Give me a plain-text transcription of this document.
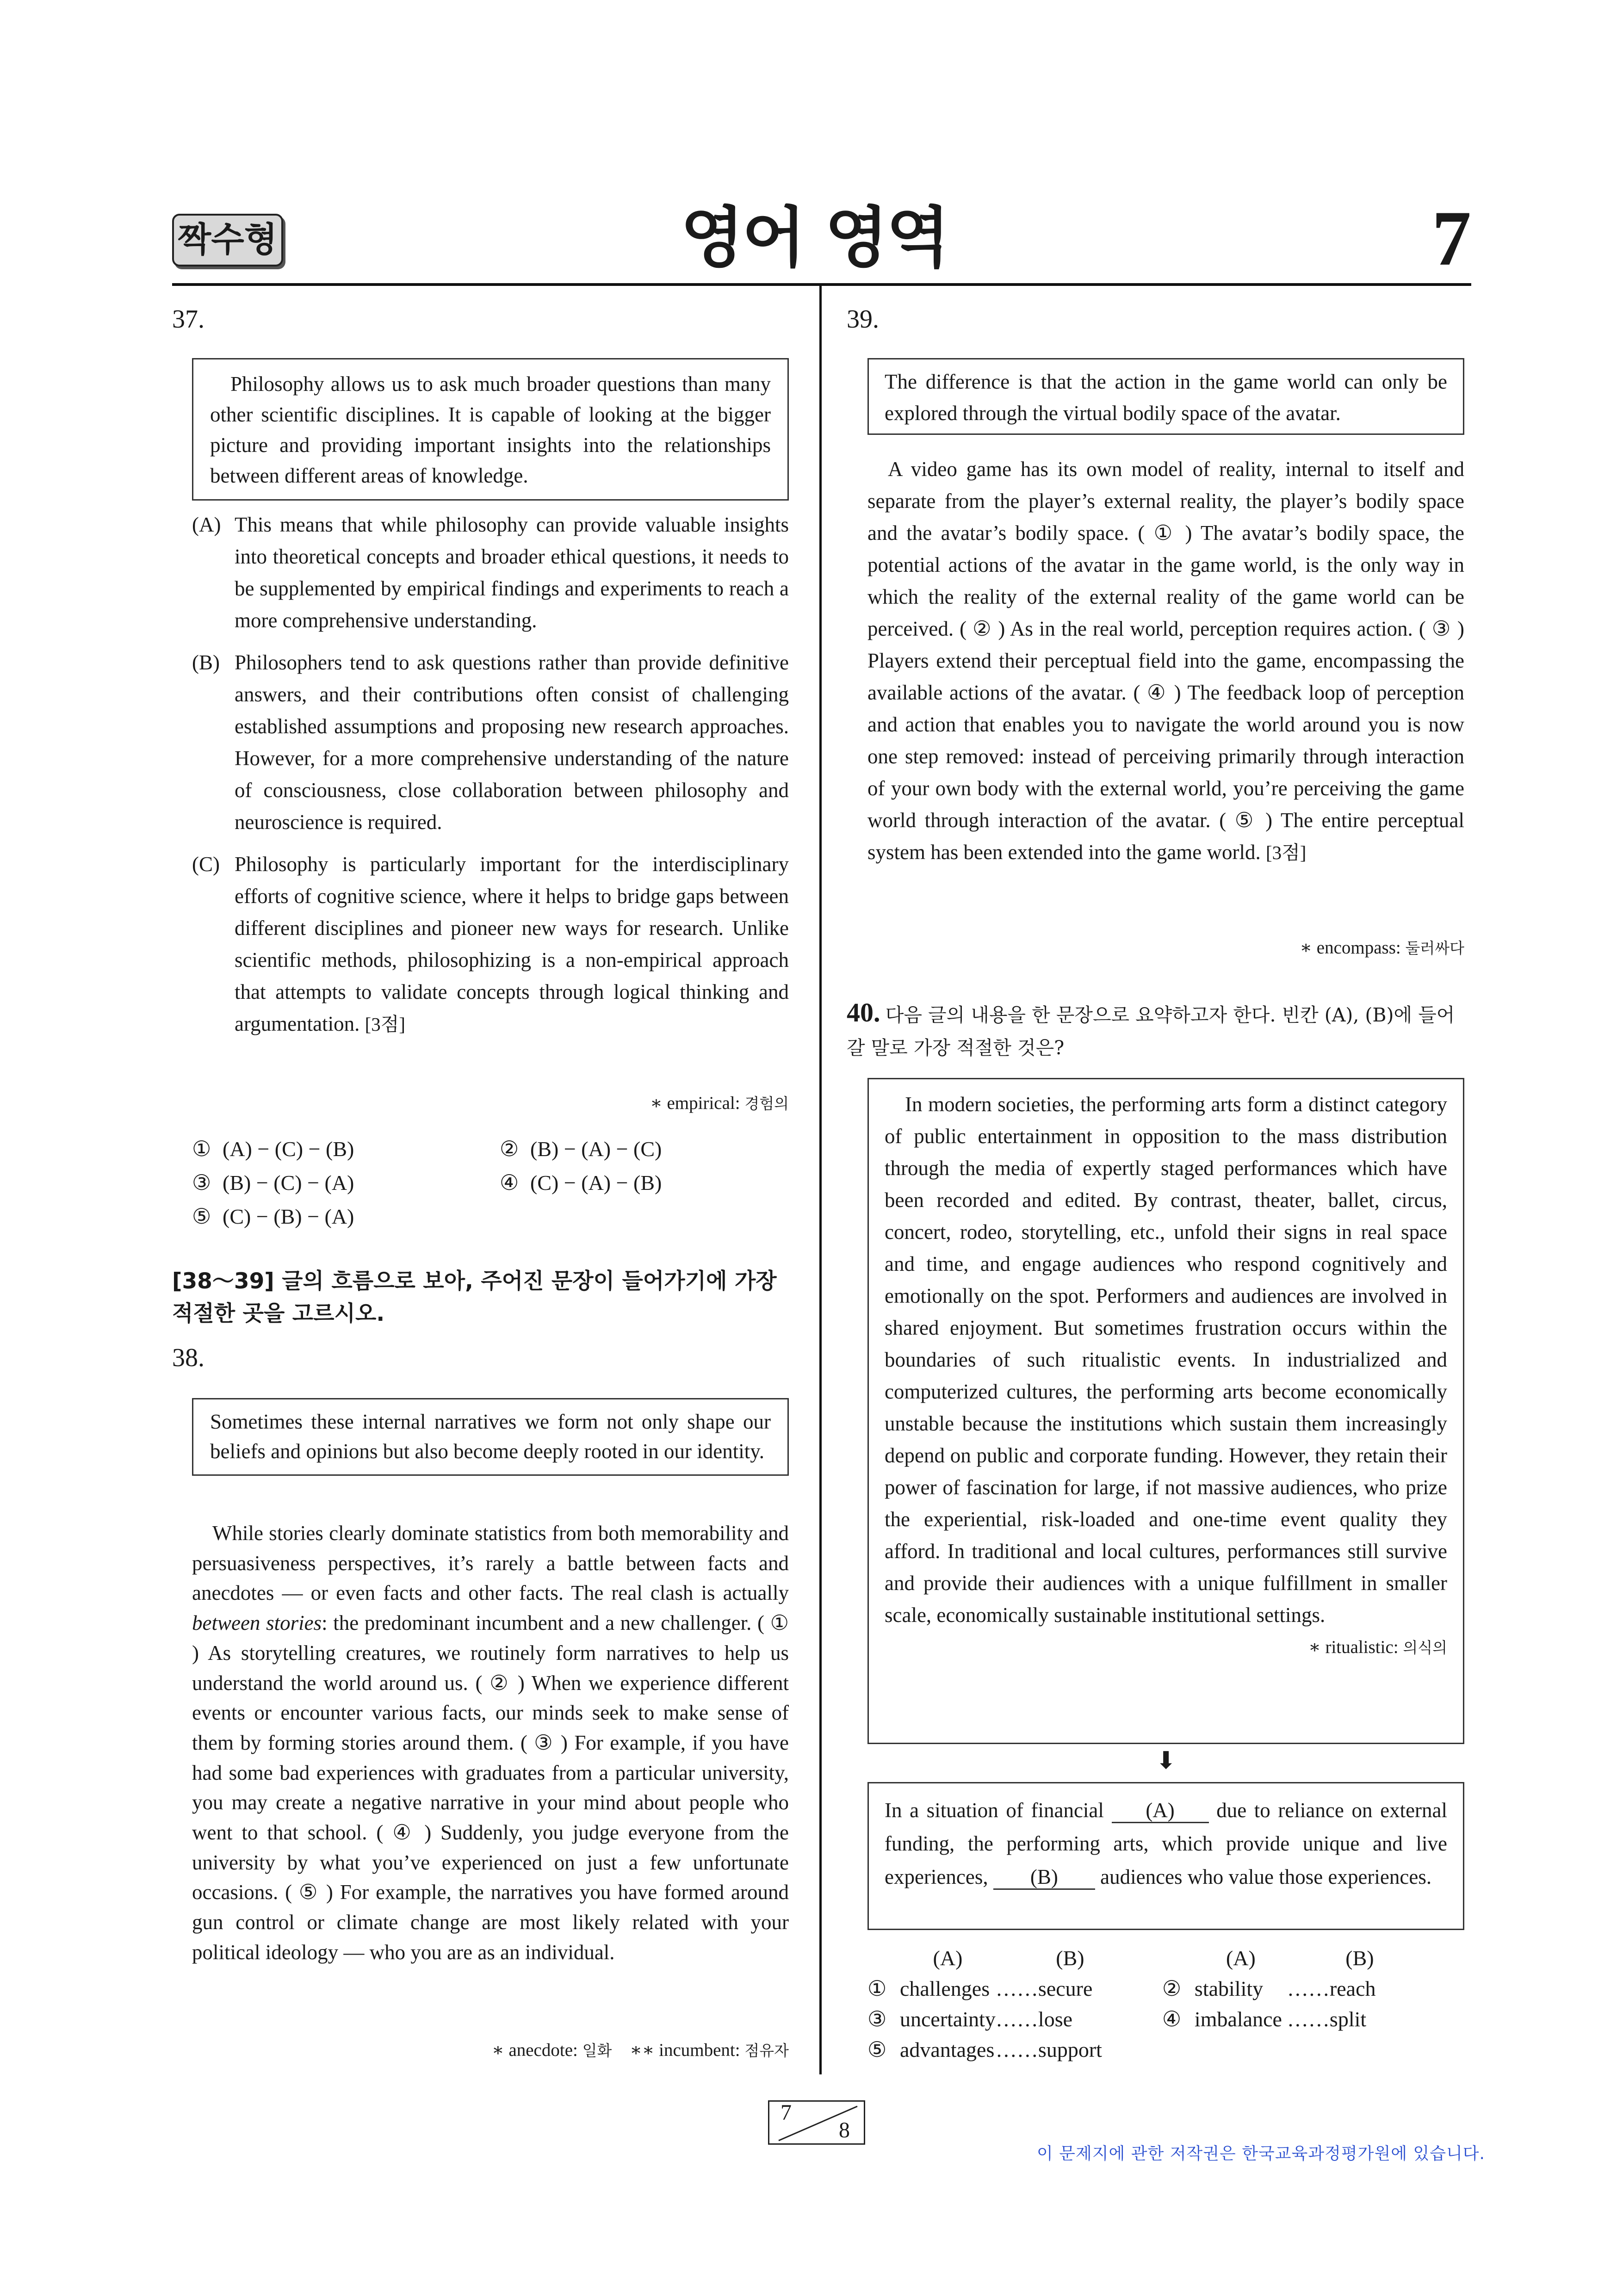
짝수형	영어 영역	7
37.
Philosophy allows us to ask much broader questions than many other scientific disciplines. It is capable of looking at the bigger picture and providing important insights into the relationships between different areas of knowledge.
(A) This means that while philosophy can provide valuable insights into theoretical concepts and broader ethical questions, it needs to be supplemented by empirical findings and experiments to reach a more comprehensive understanding.
(B) Philosophers tend to ask questions rather than provide definitive answers, and their contributions often consist of challenging established assumptions and proposing new research approaches. However, for a more comprehensive understanding of the nature of consciousness, close collaboration between philosophy and neuroscience is required.
(C) Philosophy is particularly important for the interdisciplinary efforts of cognitive science, where it helps to bridge gaps between different disciplines and pioneer new ways for research. Unlike scientific methods, philosophizing is a non-empirical approach that attempts to validate concepts through logical thinking and argumentation. [3점]
∗ empirical: 경험의
① (A) − (C) − (B)	② (B) − (A) − (C)
③ (B) − (C) − (A)	④ (C) − (A) − (B)
⑤ (C) − (B) − (A)
[38～39] 글의 흐름으로 보아, 주어진 문장이 들어가기에 가장 적절한 곳을 고르시오.
38.
Sometimes these internal narratives we form not only shape our beliefs and opinions but also become deeply rooted in our identity.

While stories clearly dominate statistics from both memorability and persuasiveness perspectives, it’s rarely a battle between facts and anecdotes — or even facts and other facts. The real clash is actually between stories: the predominant incumbent and a new challenger. ( ① ) As storytelling creatures, we routinely form narratives to help us understand the world around us. ( ② ) When we experience different events or encounter various facts, our minds seek to make sense of them by forming stories around them. ( ③ ) For example, if you have had some bad experiences with graduates from a particular university, you may create a negative narrative in your mind about people who went to that school. ( ④ ) Suddenly, you judge everyone from the university by what you’ve experienced on just a few unfortunate occasions. ( ⑤ ) For example, the narratives you have formed around gun control or climate change are most likely related with your political ideology — who you are as an individual.

∗ anecdote: 일화    ∗∗ incumbent: 점유자
39.
The difference is that the action in the game world can only be explored through the virtual bodily space of the avatar.

A video game has its own model of reality, internal to itself and separate from the player’s external reality, the player’s bodily space and the avatar’s bodily space. ( ① ) The avatar’s bodily space, the potential actions of the avatar in the game world, is the only way in which the reality of the external reality of the game world can be perceived. ( ② ) As in the real world, perception requires action. ( ③ ) Players extend their perceptual field into the game, encompassing the available actions of the avatar. ( ④ ) The feedback loop of perception and action that enables you to navigate the world around you is now one step removed: instead of perceiving primarily through interaction of your own body with the external world, you’re perceiving the game world through interaction of the avatar. ( ⑤ ) The entire perceptual system has been extended into the game world. [3점]

∗ encompass: 둘러싸다
40. 다음 글의 내용을 한 문장으로 요약하고자 한다. 빈칸 (A), (B)에 들어갈 말로 가장 적절한 것은?

In modern societies, the performing arts form a distinct category of public entertainment in opposition to the mass distribution through the media of expertly staged performances which have been recorded and edited. By contrast, theater, ballet, circus, concert, rodeo, storytelling, etc., unfold their signs in real space and time, and engage audiences who respond cognitively and emotionally on the spot. Performers and audiences are involved in shared enjoyment. But sometimes frustration occurs within the boundaries of such ritualistic events. In industrialized and computerized cultures, the performing arts become economically unstable because the institutions which sustain them increasingly depend on public and corporate funding. However, they retain their power of fascination for large, if not massive audiences, who prize the experiential, risk-loaded and one-time event quality they afford. In traditional and local cultures, performances still survive and provide their audiences with a unique fulfillment in smaller scale, economically sustainable institutional settings.

∗ ritualistic: 의식의
⬇
In a situation of financial (A) due to reliance on external funding, the performing arts, which provide unique and live experiences, (B) audiences who value those experiences.
	(A)		(B)			(A)		(B)
①	challenges	……	secure		②	stability	……	reach
③	uncertainty	……	lose		④	imbalance	……	split
⑤	advantages	……	support					
7
8
이 문제지에 관한 저작권은 한국교육과정평가원에 있습니다.
